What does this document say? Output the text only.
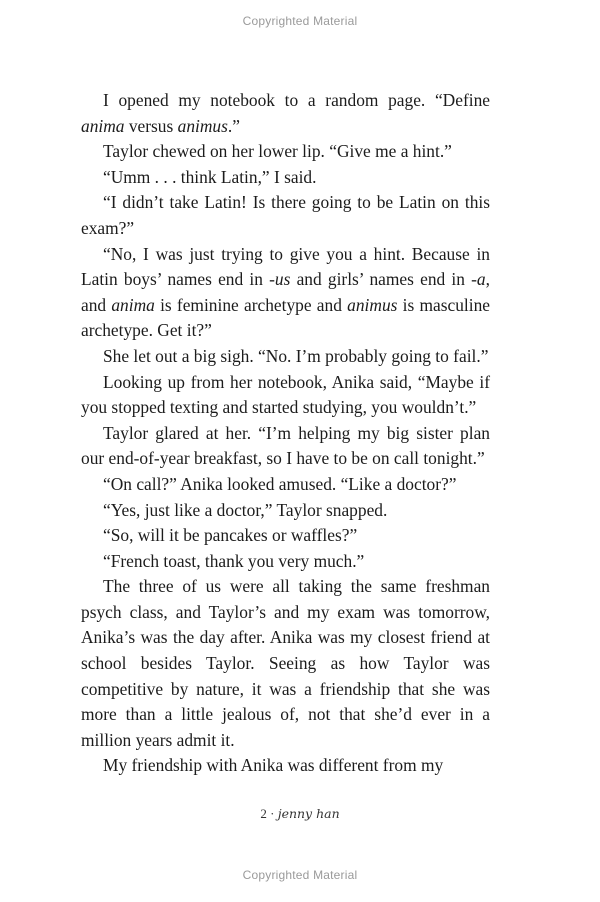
Copyrighted Material

I opened my notebook to a random page. “Define anima versus animus.”

Taylor chewed on her lower lip. “Give me a hint.”

“Umm . . . think Latin,” I said.

“I didn’t take Latin! Is there going to be Latin on this exam?”

“No, I was just trying to give you a hint. Because in Latin boys’ names end in -us and girls’ names end in -a, and anima is feminine archetype and animus is masculine archetype. Get it?”

She let out a big sigh. “No. I’m probably going to fail.”

Looking up from her notebook, Anika said, “Maybe if you stopped texting and started studying, you wouldn’t.”

Taylor glared at her. “I’m helping my big sister plan our end-of-year breakfast, so I have to be on call tonight.”

“On call?” Anika looked amused. “Like a doctor?”

“Yes, just like a doctor,” Taylor snapped.

“So, will it be pancakes or waffles?”

“French toast, thank you very much.”

The three of us were all taking the same freshman psych class, and Taylor’s and my exam was tomorrow, Anika’s was the day after. Anika was my closest friend at school besides Taylor. Seeing as how Taylor was competitive by nature, it was a friendship that she was more than a little jealous of, not that she’d ever in a million years admit it.

My friendship with Anika was different from my

2 · jenny han
Copyrighted Material
